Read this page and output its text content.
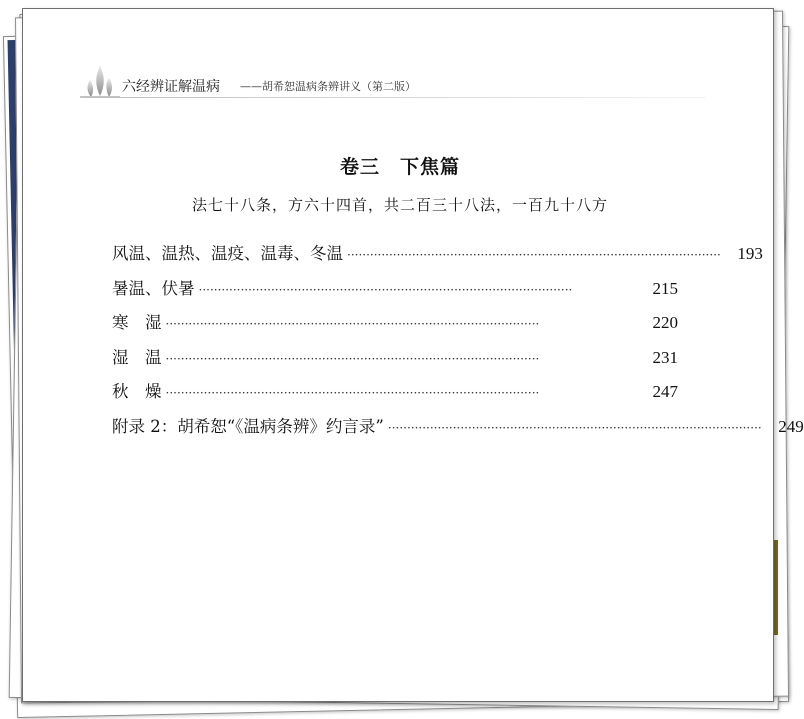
六经辨证解温病 ——胡希恕温病条辨讲义（第二版）
卷三　下焦篇
法七十八条，方六十四首，共二百三十八法，一百九十八方
风温、温热、温疫、温毒、冬温 ·································································································· 193
暑温、伏暑 ··································································································	215
寒　湿 ··································································································	220
湿　温 ··································································································	231
秋　燥 ··································································································	247
附录 2：胡希恕“《温病条辨》约言录” ·································································································· 249
